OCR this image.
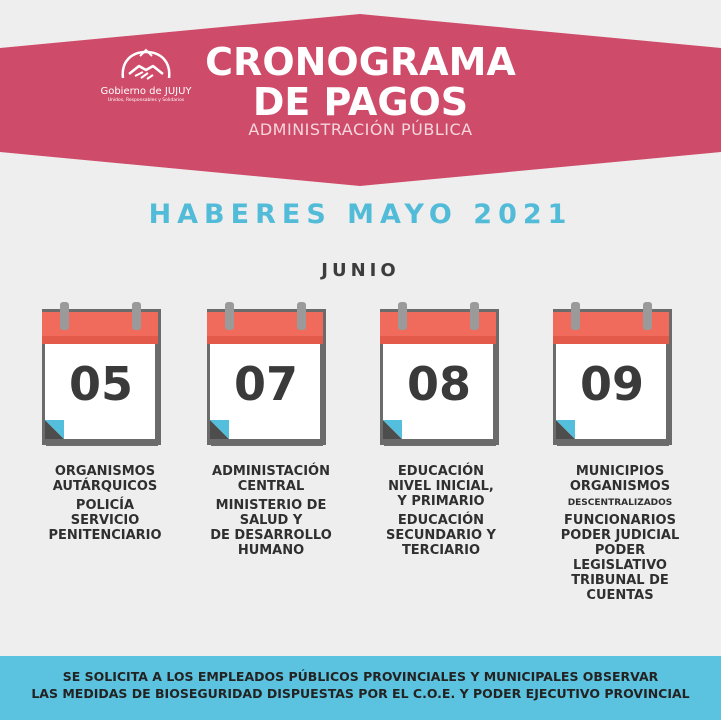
Gobierno de JUJUY
Unidos, Responsables y Solidarios
CRONOGRAMA
DE PAGOS
ADMINISTRACIÓN PÚBLICA
HABERES MAYO 2021
JUNIO
05	07	08	09
ORGANISMOS
AUTÁRQUICOS
POLICÍA
SERVICIO
PENITENCIARIO
ADMINISTACIÓN
CENTRAL
MINISTERIO DE
SALUD Y
DE DESARROLLO
HUMANO
EDUCACIÓN
NIVEL INICIAL,
Y PRIMARIO
EDUCACIÓN
SECUNDARIO Y
TERCIARIO
MUNICIPIOS
ORGANISMOS
DESCENTRALIZADOS
FUNCIONARIOS
PODER JUDICIAL
PODER
LEGISLATIVO
TRIBUNAL DE
CUENTAS
SE SOLICITA A LOS EMPLEADOS PÚBLICOS PROVINCIALES Y MUNICIPALES OBSERVAR
LAS MEDIDAS DE BIOSEGURIDAD DISPUESTAS POR EL C.O.E. Y PODER EJECUTIVO PROVINCIAL
